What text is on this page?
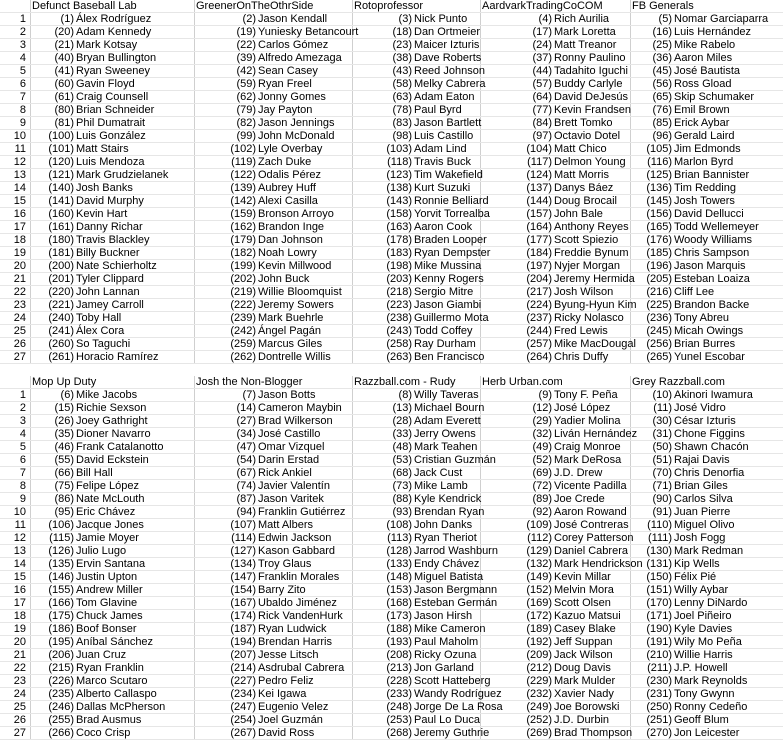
Defunct Baseball Lab	GreenerOnTheOthrSide	Rotoprofessor	AardvarkTradingCoCOM	FB Generals
1	(1) Álex Rodríguez	(2) Jason Kendall	(3) Nick Punto	(4) Rich Aurilia	(5) Nomar Garciaparra
2	(20) Adam Kennedy	(19) Yuniesky Betancourt	(18) Dan Ortmeier	(17) Mark Loretta	(16) Luis Hernández
3	(21) Mark Kotsay	(22) Carlos Gómez	(23) Maicer Izturis	(24) Matt Treanor	(25) Mike Rabelo
4	(40) Bryan Bullington	(39) Alfredo Amezaga	(38) Dave Roberts	(37) Ronny Paulino	(36) Aaron Miles
5	(41) Ryan Sweeney	(42) Sean Casey	(43) Reed Johnson	(44) Tadahito Iguchi	(45) José Bautista
6	(60) Gavin Floyd	(59) Ryan Freel	(58) Melky Cabrera	(57) Buddy Carlyle	(56) Ross Gload
7	(61) Craig Counsell	(62) Jonny Gomes	(63) Adam Eaton	(64) David DeJesús	(65) Skip Schumaker
8	(80) Brian Schneider	(79) Jay Payton	(78) Paul Byrd	(77) Kevin Frandsen	(76) Emil Brown
9	(81) Phil Dumatrait	(82) Jason Jennings	(83) Jason Bartlett	(84) Brett Tomko	(85) Erick Aybar
10	(100) Luis González	(99) John McDonald	(98) Luis Castillo	(97) Octavio Dotel	(96) Gerald Laird
11	(101) Matt Stairs	(102) Lyle Overbay	(103) Adam Lind	(104) Matt Chico	(105) Jim Edmonds
12	(120) Luis Mendoza	(119) Zach Duke	(118) Travis Buck	(117) Delmon Young	(116) Marlon Byrd
13	(121) Mark Grudzielanek	(122) Odalis Pérez	(123) Tim Wakefield	(124) Matt Morris	(125) Brian Bannister
14	(140) Josh Banks	(139) Aubrey Huff	(138) Kurt Suzuki	(137) Danys Báez	(136) Tim Redding
15	(141) David Murphy	(142) Alexi Casilla	(143) Ronnie Belliard	(144) Doug Brocail	(145) Josh Towers
16	(160) Kevin Hart	(159) Bronson Arroyo	(158) Yorvit Torrealba	(157) John Bale	(156) David Dellucci
17	(161) Danny Richar	(162) Brandon Inge	(163) Aaron Cook	(164) Anthony Reyes	(165) Todd Wellemeyer
18	(180) Travis Blackley	(179) Dan Johnson	(178) Braden Looper	(177) Scott Spiezio	(176) Woody Williams
19	(181) Billy Buckner	(182) Noah Lowry	(183) Ryan Dempster	(184) Freddie Bynum	(185) Chris Sampson
20	(200) Nate Schierholtz	(199) Kevin Millwood	(198) Mike Mussina	(197) Nyjer Morgan	(196) Jason Marquis
21	(201) Tyler Clippard	(202) John Buck	(203) Kenny Rogers	(204) Jeremy Hermida	(205) Esteban Loaiza
22	(220) John Lannan	(219) Willie Bloomquist	(218) Sergio Mitre	(217) Josh Wilson	(216) Cliff Lee
23	(221) Jamey Carroll	(222) Jeremy Sowers	(223) Jason Giambi	(224) Byung-Hyun Kim (225) Brandon Backe
24	(240) Toby Hall	(239) Mark Buehrle	(238) Guillermo Mota	(237) Ricky Nolasco	(236) Tony Abreu
25	(241) Álex Cora	(242) Ángel Pagán	(243) Todd Coffey	(244) Fred Lewis	(245) Micah Owings
26	(260) So Taguchi	(259) Marcus Giles	(258) Ray Durham	(257) Mike MacDougal (256) Brian Burres
27	(261) Horacio Ramírez	(262) Dontrelle Willis	(263) Ben Francisco	(264) Chris Duffy	(265) Yunel Escobar
Mop Up Duty	Josh the Non-Blogger	Razzball.com - Rudy	Herb Urban.com	Grey Razzball.com
1	(6) Mike Jacobs	(7) Jason Botts	(8) Willy Taveras	(9) Tony F. Peña	(10) Akinori Iwamura
2	(15) Richie Sexson	(14) Cameron Maybin	(13) Michael Bourn	(12) José López	(11) José Vidro
3	(26) Joey Gathright	(27) Brad Wilkerson	(28) Adam Everett	(29) Yadier Molina	(30) César Izturis
4	(35) Dioner Navarro	(34) José Castillo	(33) Jerry Owens	(32) Liván Hernández	(31) Chone Figgins
5	(46) Frank Catalanotto	(47) Omar Vizquel	(48) Mark Teahen	(49) Craig Monroe	(50) Shawn Chacón
6	(55) David Eckstein	(54) Darin Erstad	(53) Cristian Guzmán	(52) Mark DeRosa	(51) Rajai Davis
7	(66) Bill Hall	(67) Rick Ankiel	(68) Jack Cust	(69) J.D. Drew	(70) Chris Denorfia
8	(75) Felipe López	(74) Javier Valentín	(73) Mike Lamb	(72) Vicente Padilla	(71) Brian Giles
9	(86) Nate McLouth	(87) Jason Varitek	(88) Kyle Kendrick	(89) Joe Crede	(90) Carlos Silva
10	(95) Eric Chávez	(94) Franklin Gutiérrez	(93) Brendan Ryan	(92) Aaron Rowand	(91) Juan Pierre
11	(106) Jacque Jones	(107) Matt Albers	(108) John Danks	(109) José Contreras	(110) Miguel Olivo
12	(115) Jamie Moyer	(114) Edwin Jackson	(113) Ryan Theriot	(112) Corey Patterson	(111) Josh Fogg
13	(126) Julio Lugo	(127) Kason Gabbard	(128) Jarrod Washburn	(129) Daniel Cabrera	(130) Mark Redman
14	(135) Ervin Santana	(134) Troy Glaus	(133) Endy Chávez	(132) Mark Hendrickson (131) Kip Wells
15	(146) Justin Upton	(147) Franklin Morales	(148) Miguel Batista	(149) Kevin Millar	(150) Félix Pié
16	(155) Andrew Miller	(154) Barry Zito	(153) Jason Bergmann	(152) Melvin Mora	(151) Willy Aybar
17	(166) Tom Glavine	(167) Ubaldo Jiménez	(168) Esteban Germán	(169) Scott Olsen	(170) Lenny DiNardo
18	(175) Chuck James	(174) Rick VandenHurk	(173) Jason Hirsh	(172) Kazuo Matsui	(171) Joel Piñeiro
19	(186) Boof Bonser	(187) Ryan Ludwick	(188) Mike Cameron	(189) Casey Blake	(190) Kyle Davies
20	(195) Aníbal Sánchez	(194) Brendan Harris	(193) Paul Maholm	(192) Jeff Suppan	(191) Wily Mo Peña
21	(206) Juan Cruz	(207) Jesse Litsch	(208) Ricky Ozuna	(209) Jack Wilson	(210) Willie Harris
22	(215) Ryan Franklin	(214) Asdrubal Cabrera	(213) Jon Garland	(212) Doug Davis	(211) J.P. Howell
23	(226) Marco Scutaro	(227) Pedro Feliz	(228) Scott Hatteberg	(229) Mark Mulder	(230) Mark Reynolds
24	(235) Alberto Callaspo	(234) Kei Igawa	(233) Wandy Rodríguez	(232) Xavier Nady	(231) Tony Gwynn
25	(246) Dallas McPherson	(247) Eugenio Velez	(248) Jorge De La Rosa	(249) Joe Borowski	(250) Ronny Cedeño
26	(255) Brad Ausmus	(254) Joel Guzmán	(253) Paul Lo Duca	(252) J.D. Durbin	(251) Geoff Blum
27	(266) Coco Crisp	(267) David Ross	(268) Jeremy Guthrie	(269) Brad Thompson	(270) Jon Leicester
